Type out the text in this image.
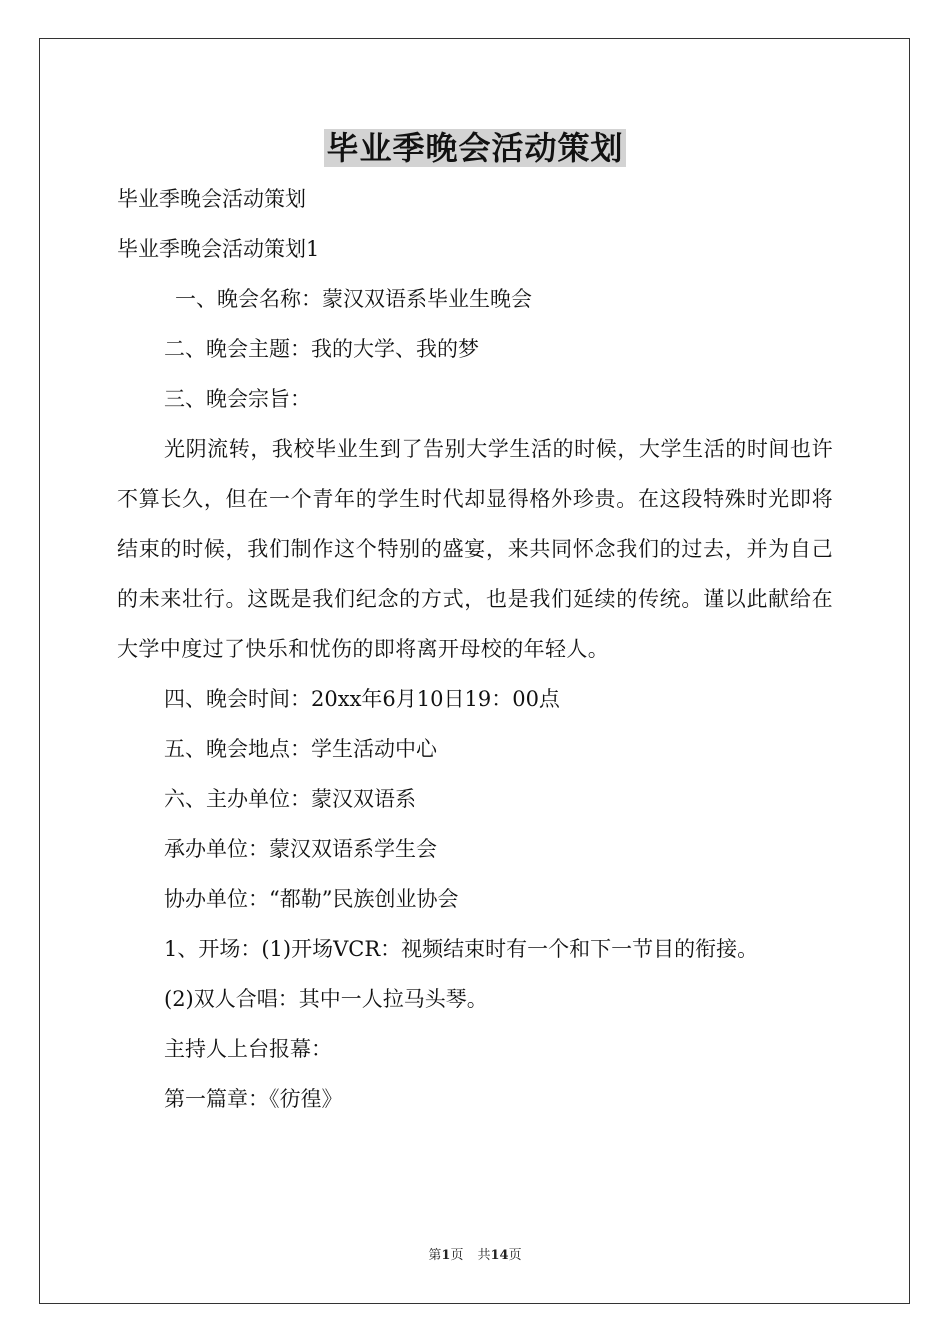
毕业季晚会活动策划

毕业季晚会活动策划

毕业季晚会活动策划1

一、晚会名称：蒙汉双语系毕业生晚会

二、晚会主题：我的大学、我的梦

三、晚会宗旨：

光阴流转，我校毕业生到了告别大学生活的时候，大学生活的时间也许不算长久，但在一个青年的学生时代却显得格外珍贵。在这段特殊时光即将结束的时候，我们制作这个特别的盛宴，来共同怀念我们的过去，并为自己的未来壮行。这既是我们纪念的方式，也是我们延续的传统。谨以此献给在大学中度过了快乐和忧伤的即将离开母校的年轻人。

四、晚会时间：20xx年6月10日19：00点

五、晚会地点：学生活动中心

六、主办单位：蒙汉双语系

承办单位：蒙汉双语系学生会

协办单位：“都勒”民族创业协会

1、开场：(1)开场VCR：视频结束时有一个和下一节目的衔接。

(2)双人合唱：其中一人拉马头琴。

主持人上台报幕：

第一篇章：《彷徨》

第1页 共14页
